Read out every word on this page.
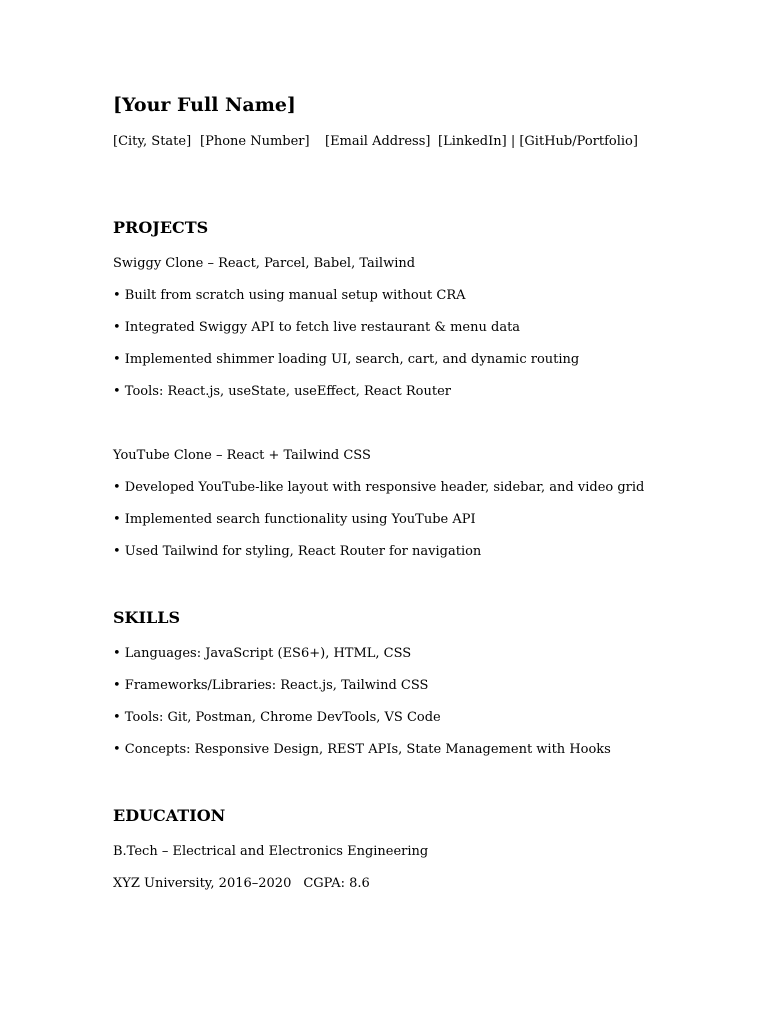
[Your Full Name]
[City, State] [Phone Number] [Email Address] [LinkedIn] | [GitHub/Portfolio]
PROJECTS
Swiggy Clone – React, Parcel, Babel, Tailwind
• Built from scratch using manual setup without CRA
• Integrated Swiggy API to fetch live restaurant & menu data
• Implemented shimmer loading UI, search, cart, and dynamic routing
• Tools: React.js, useState, useEffect, React Router
YouTube Clone – React + Tailwind CSS
• Developed YouTube-like layout with responsive header, sidebar, and video grid
• Implemented search functionality using YouTube API
• Used Tailwind for styling, React Router for navigation
SKILLS
• Languages: JavaScript (ES6+), HTML, CSS
• Frameworks/Libraries: React.js, Tailwind CSS
• Tools: Git, Postman, Chrome DevTools, VS Code
• Concepts: Responsive Design, REST APIs, State Management with Hooks
EDUCATION
B.Tech – Electrical and Electronics Engineering
XYZ University, 2016–2020 CGPA: 8.6
